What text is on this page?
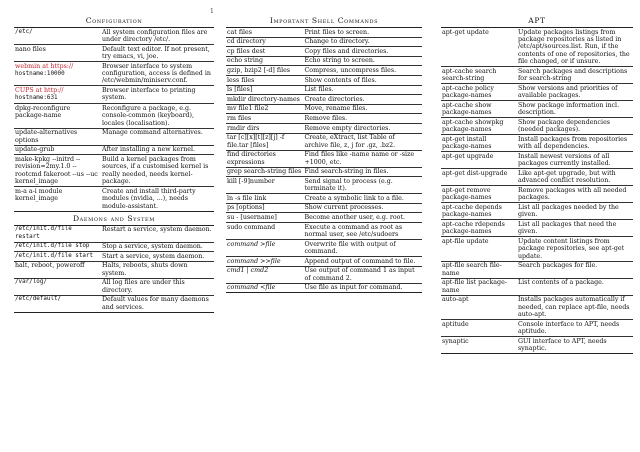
1
Configuration
/etc/	All system configuration files are under directory /etc/.
nano files	Default text editor. If not present, try emacs, vi, joe.
webmin at https://
hostname:10000	Browser interface to system configuration, access is defined in /etc/webmin/miniserv.conf.
CUPS at http://
hostname:631	Browser interface to printing system.
dpkg-reconfigure package-name	Reconfigure a package, e.g. console-common (keyboard), locales (localisation).
update-alternatives options	Manage command alternatives.
update-grub	After installing a new kernel.
make-kpkg --initrd --revision=2my.1.0 --rootcmd fakeroot --us --uc kernel_image	Build a kernel packages from sources, if a customised kernel is really needed, needs kernel-package.
m-a a-i module kernel_image	Create and install third-party modules (nvidia, ...), needs module-assistant.
Daemons and System
/etc/init.d/file restart	Restart a service, system daemon.
/etc/init.d/file stop	Stop a service, system daemon.
/etc/init.d/file start	Start a service, system daemon.
halt, reboot, poweroff	Halts, reboots, shuts down system.
/var/log/	All log files are under this directory.
/etc/default/	Default values for many daemons and services.
Important Shell Commands
cat files	Print files to screen.
cd directory	Change to directory.
cp files dest	Copy files and directories.
echo string	Echo string to screen.
gzip, bzip2 [-d] files	Compress, uncompress files.
less files	Show contents of files.
ls [files]	List files.
mkdir directory-names	Create directories.
mv file1 file2	Move, rename files.
rm files	Remove files.
rmdir dirs	Remove empty directories.
tar [c][x][t][z][j] -f file.tar [files]	Create, eXtract, list Table of archive file, z, j for .gz, .bz2.
find directories expressions	Find files like -name name or -size +1000, etc.
grep search-string files	Find search-string in files.
kill [-9]number	Send signal to process (e.g. terminate it).
ln -s file link	Create a symbolic link to a file.
ps [options]	Show current processes.
su - [username]	Become another user, e.g. root.
sudo command	Execute a command as root as normal user, see /etc/sudoers
command >file	Overwrite file with output of command.
command >>file	Append output of command to file.
cmd1 | cmd2	Use output of command 1 as input of command 2.
command <file	Use file as input for command.
APT
apt-get update	Update packages listings from package repositories as listed in /etc/apt/sources.list. Run, if the contents of one of repositories, the file changed, or if unsure.
apt-cache search search-string	Search packages and descriptions for search-string
apt-cache policy package-names	Show versions and priorities of available packages.
apt-cache show package-names	Show package information incl. description.
apt-cache showpkg package-names	Show package dependencies (needed packages).
apt-get install package-names	Install packages from repositories with all dependencies.
apt-get upgrade	Install newest versions of all packages currently installed.
apt-get dist-upgrade	Like apt-get upgrade, but with advanced conflict resolution.
apt-get remove package-names	Remove packages with all needed packages.
apt-cache depends package-names	List all packages needed by the given.
apt-cache rdepends package-names	List all packages that need the given.
apt-file update	Update content listings from package repositories, see apt-get update.
apt-file search file-name	Search packages for file.
apt-file list package-name	List contents of a package.
auto-apt	Installs packages automatically if needed, can replace apt-file, needs auto-apt.
aptitude	Console interface to APT, needs aptitude.
synaptic	GUI interface to APT, needs synaptic.
